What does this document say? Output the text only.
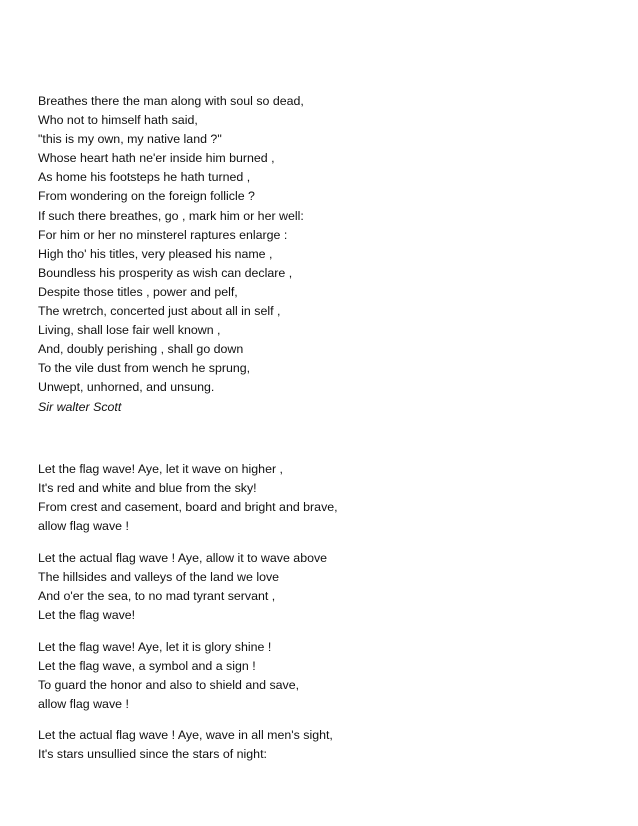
Breathes there the man along with soul so dead,
Who not to himself hath said,
"this is my own, my native land ?"
Whose heart hath ne'er inside him burned ,
As home his footsteps he hath turned ,
From wondering on the foreign follicle ?
If such there breathes, go , mark him or her well:
For him or her no minsterel raptures enlarge :
High tho' his titles, very pleased his name ,
Boundless his prosperity as wish can declare ,
Despite those titles , power and pelf,
The wretrch, concerted just about all in self ,
Living, shall lose fair well known ,
And, doubly perishing , shall go down
To the vile dust from wench he sprung,
Unwept, unhorned, and unsung.
Sir walter Scott
Let the flag wave! Aye, let it wave on higher ,
It's red and white and blue from the sky!
From crest and casement, board and bright and brave,
allow flag wave !
Let the actual flag wave ! Aye, allow it to wave above
The hillsides and valleys of the land we love
And o'er the sea, to no mad tyrant servant ,
Let the flag wave!
Let the flag wave! Aye, let it is glory shine !
Let the flag wave, a symbol and a sign !
To guard the honor and also to shield and save,
allow flag wave !
Let the actual flag wave ! Aye, wave in all men's sight,
It's stars unsullied since the stars of night:
